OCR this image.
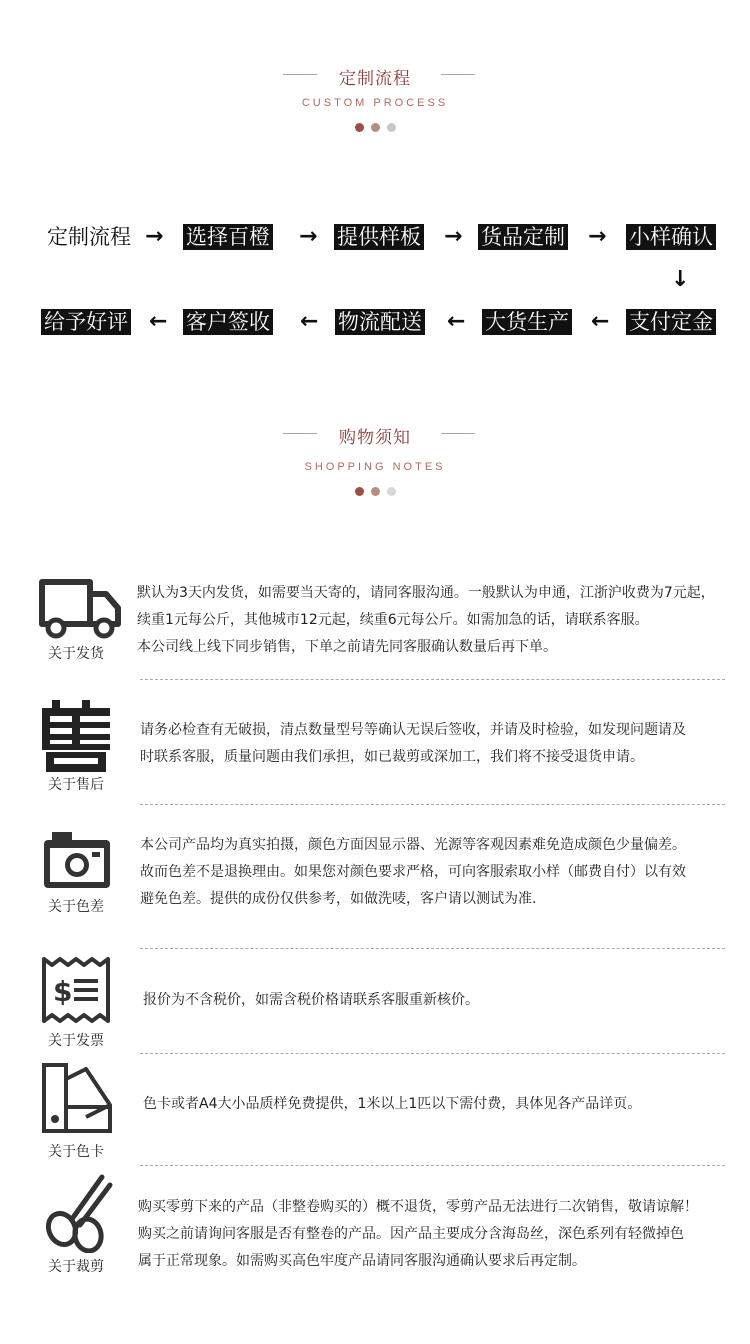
定制流程
CUSTOM PROCESS
定制流程 → 选择百橙 → 提供样板 → 货品定制 → 小样确认
↓
支付定金
←
大货生产
←
物流配送
←
客户签收
←
给予好评
购物须知
SHOPPING NOTES
关于发货
默认为3天内发货，如需要当天寄的，请同客服沟通。一般默认为申通，江浙沪收费为7元起，
续重1元每公斤，其他城市12元起，续重6元每公斤。如需加急的话，请联系客服。
本公司线上线下同步销售，下单之前请先同客服确认数量后再下单。
关于售后
请务必检查有无破损，清点数量型号等确认无误后签收，并请及时检验，如发现问题请及
时联系客服，质量问题由我们承担，如已裁剪或深加工，我们将不接受退货申请。
关于色差
本公司产品均为真实拍摄，颜色方面因显示器、光源等客观因素难免造成颜色少量偏差。
故而色差不是退换理由。如果您对颜色要求严格，可向客服索取小样（邮费自付）以有效
避免色差。提供的成份仅供参考，如做洗唛，客户请以测试为准.
$
关于发票
报价为不含税价，如需含税价格请联系客服重新核价。
关于色卡
色卡或者A4大小品质样免费提供，1米以上1匹以下需付费，具体见各产品详页。
关于裁剪
购买零剪下来的产品（非整卷购买的）概不退货，零剪产品无法进行二次销售，敬请谅解！
购买之前请询问客服是否有整卷的产品。因产品主要成分含海岛丝，深色系列有轻微掉色
属于正常现象。如需购买高色牢度产品请同客服沟通确认要求后再定制。
